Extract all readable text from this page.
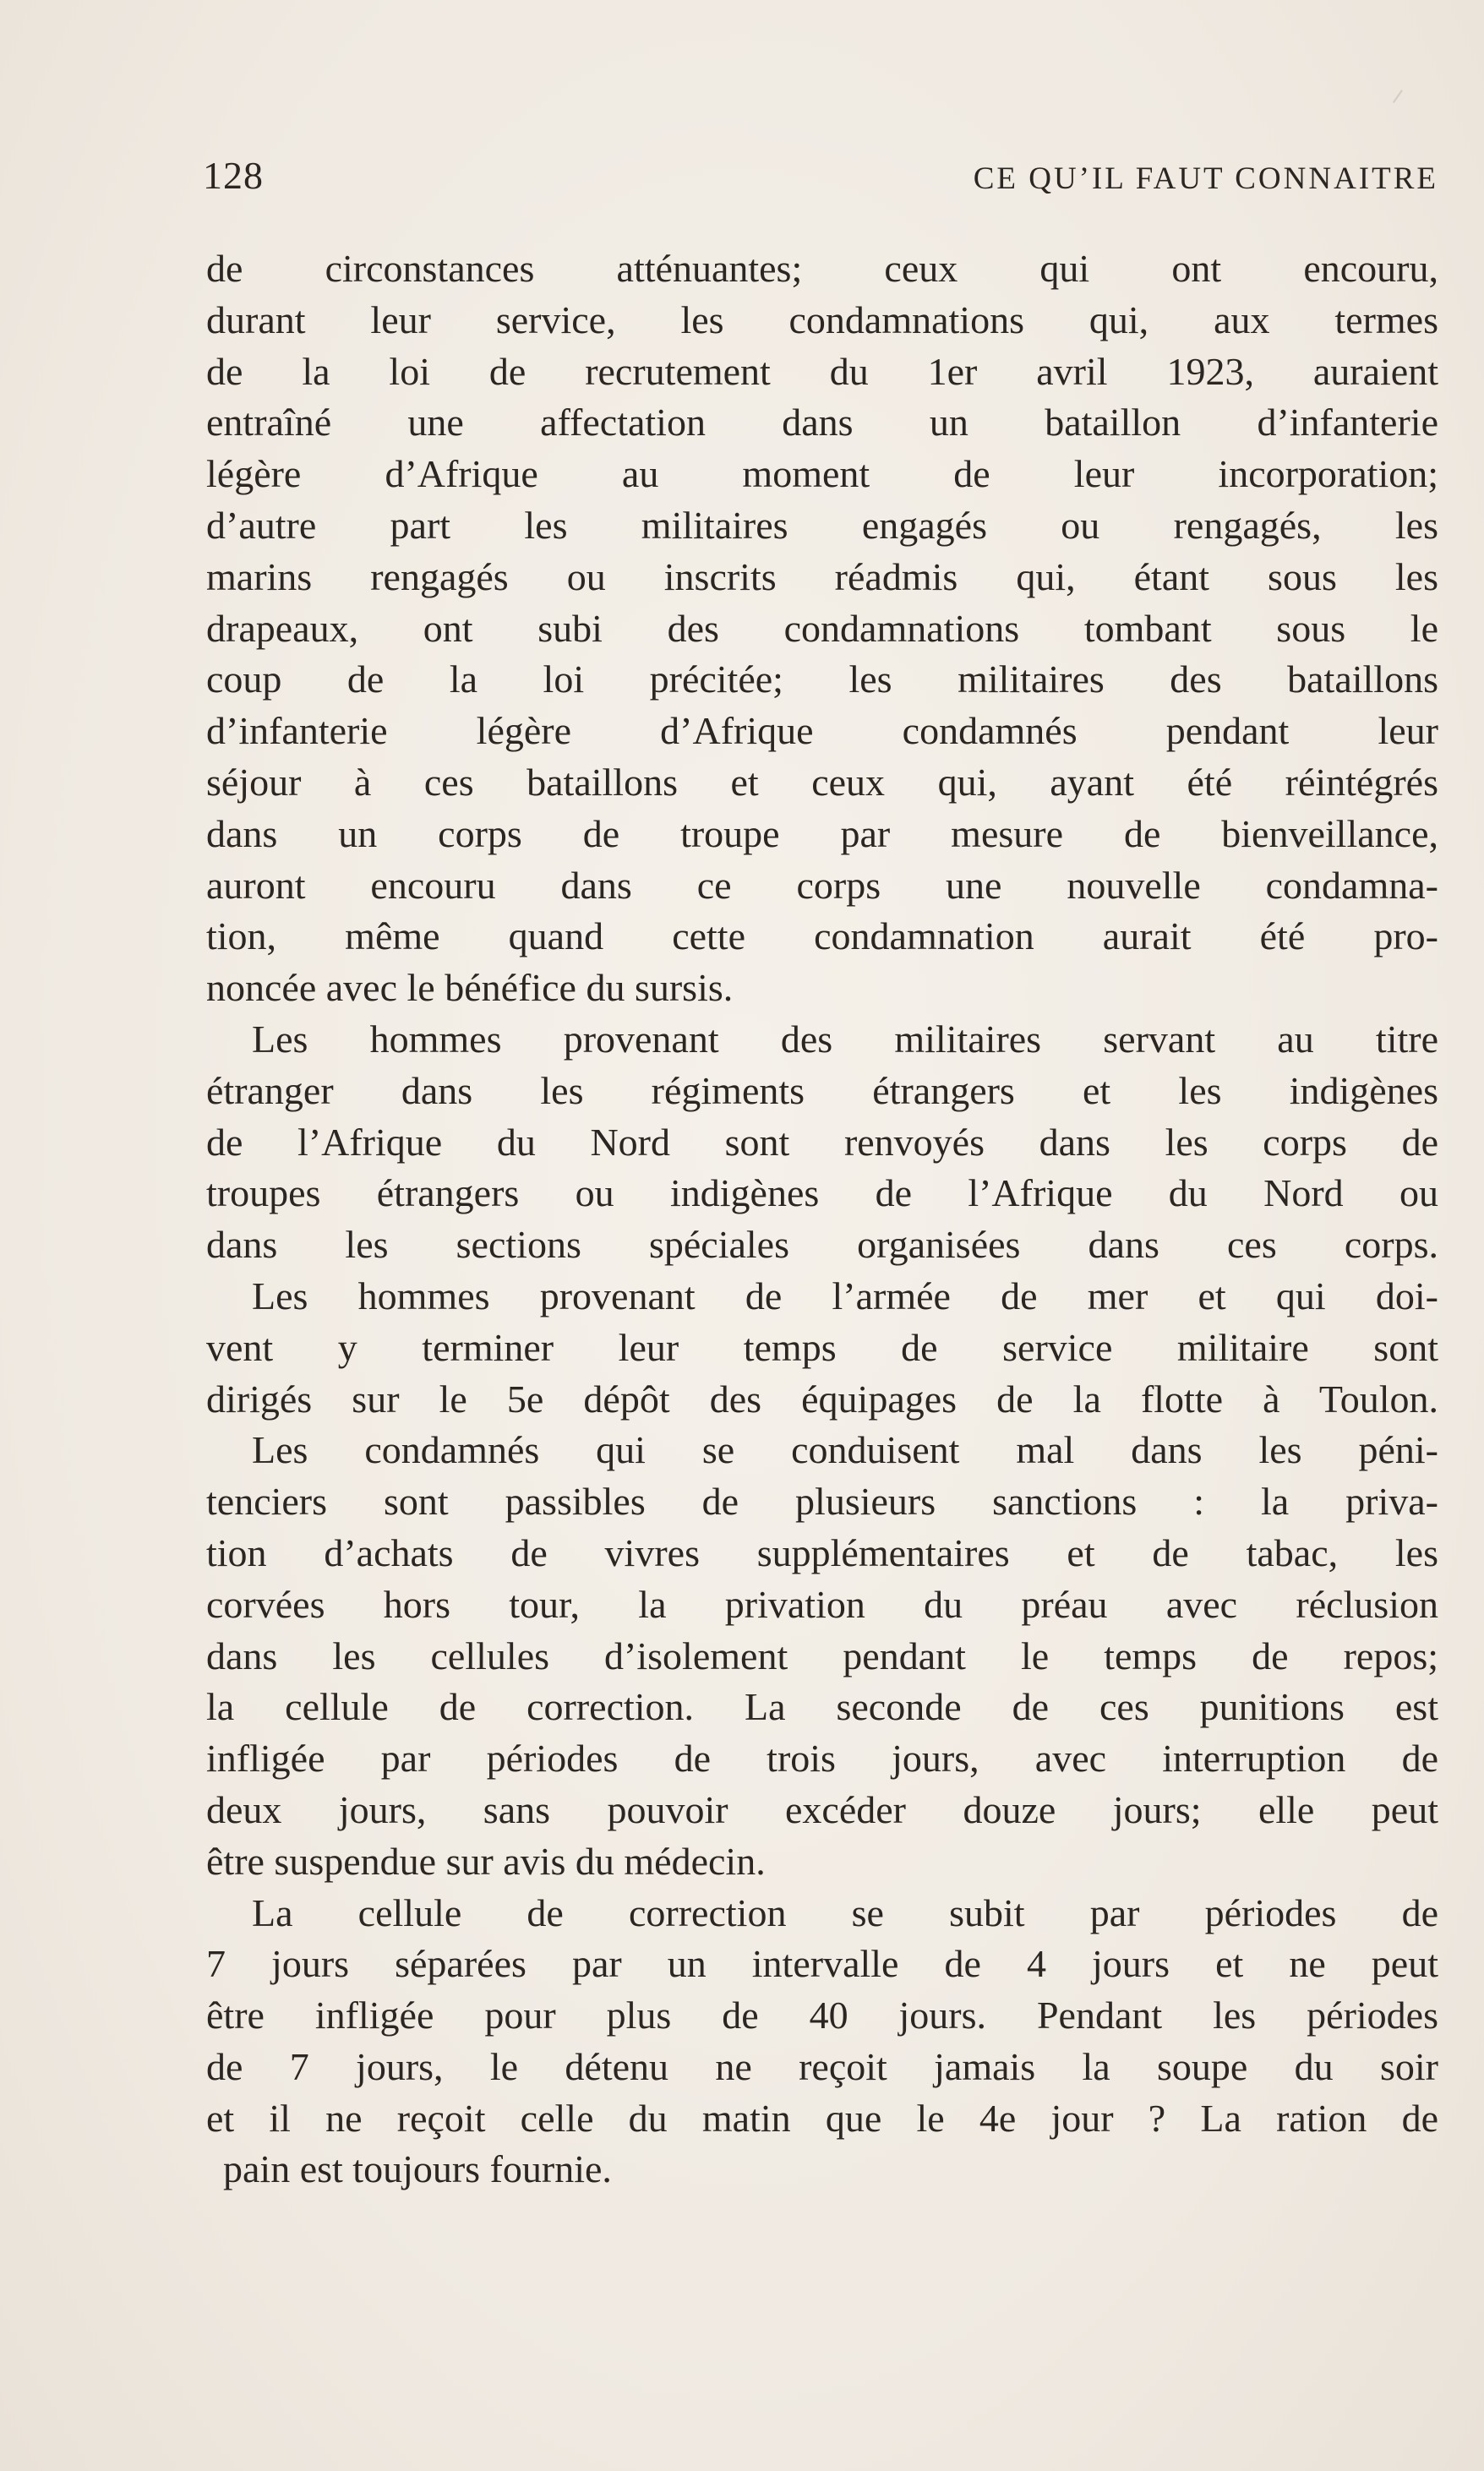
128	CE QU’IL FAUT CONNAITRE
de circonstances atténuantes; ceux qui ont encouru,
durant leur service, les condamnations qui, aux termes
de la loi de recrutement du 1er avril 1923, auraient
entraîné une affectation dans un bataillon d’infanterie
légère d’Afrique au moment de leur incorporation;
d’autre part les militaires engagés ou rengagés, les
marins rengagés ou inscrits réadmis qui, étant sous les
drapeaux, ont subi des condamnations tombant sous le
coup de la loi précitée; les militaires des bataillons
d’infanterie légère d’Afrique condamnés pendant leur
séjour à ces bataillons et ceux qui, ayant été réintégrés
dans un corps de troupe par mesure de bienveillance,
auront encouru dans ce corps une nouvelle condamna-
tion, même quand cette condamnation aurait été pro-
noncée avec le bénéfice du sursis.
Les hommes provenant des militaires servant au titre
étranger dans les régiments étrangers et les indigènes
de l’Afrique du Nord sont renvoyés dans les corps de
troupes étrangers ou indigènes de l’Afrique du Nord ou
dans les sections spéciales organisées dans ces corps.
Les hommes provenant de l’armée de mer et qui doi-
vent y terminer leur temps de service militaire sont
dirigés sur le 5e dépôt des équipages de la flotte à Toulon.
Les condamnés qui se conduisent mal dans les péni-
tenciers sont passibles de plusieurs sanctions : la priva-
tion d’achats de vivres supplémentaires et de tabac, les
corvées hors tour, la privation du préau avec réclusion
dans les cellules d’isolement pendant le temps de repos;
la cellule de correction. La seconde de ces punitions est
infligée par périodes de trois jours, avec interruption de
deux jours, sans pouvoir excéder douze jours; elle peut
être suspendue sur avis du médecin.
La cellule de correction se subit par périodes de
7 jours séparées par un intervalle de 4 jours et ne peut
être infligée pour plus de 40 jours. Pendant les périodes
de 7 jours, le détenu ne reçoit jamais la soupe du soir
et il ne reçoit celle du matin que le 4e jour ? La ration de
pain est toujours fournie.
